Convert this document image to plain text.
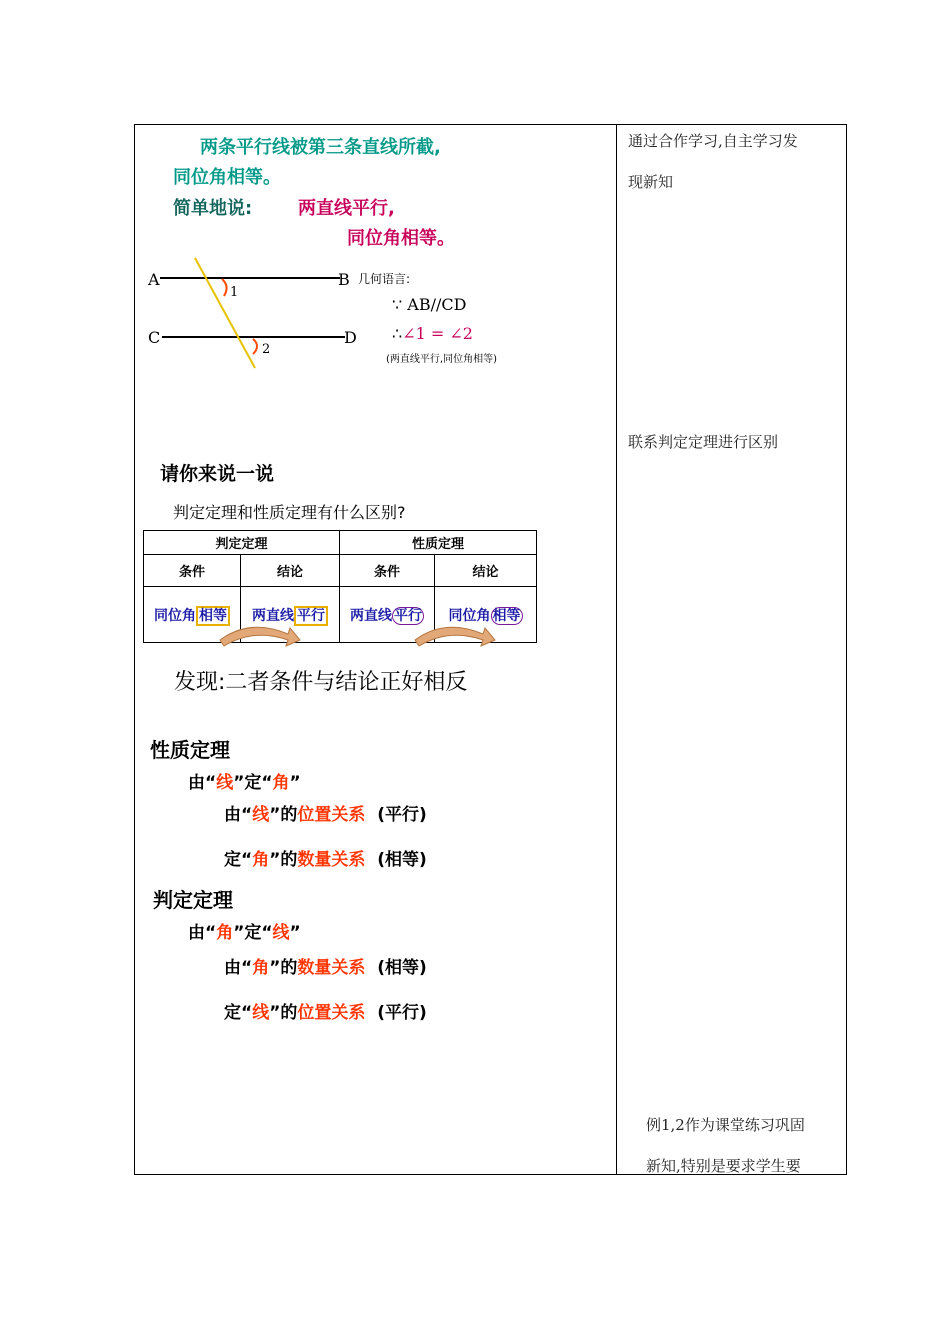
两条平行线被第三条直线所截,
同位角相等。
简单地说:	两直线平行,
同位角相等。
A	B
C	D
1
2
几何语言:
∵ AB//CD
∴∠1 = ∠2
(两直线平行,同位角相等)
请你来说一说
判定定理和性质定理有什么区别?
判定定理		性质定理	
条件	结论	条件	结论
同位角 相等	两直线 平行	两直线 平行	同位角 相等
发现:二者条件与结论正好相反
性质定理
由“线”定“角”
由“线”的位置关系 (平行)
定“角”的数量关系 (相等)
判定定理
由“角”定“线”
由“角”的数量关系 (相等)
定“线”的位置关系 (平行)
通过合作学习,自主学习发
现新知
联系判定定理进行区别
例1,2作为课堂练习巩固
新知,特别是要求学生要
